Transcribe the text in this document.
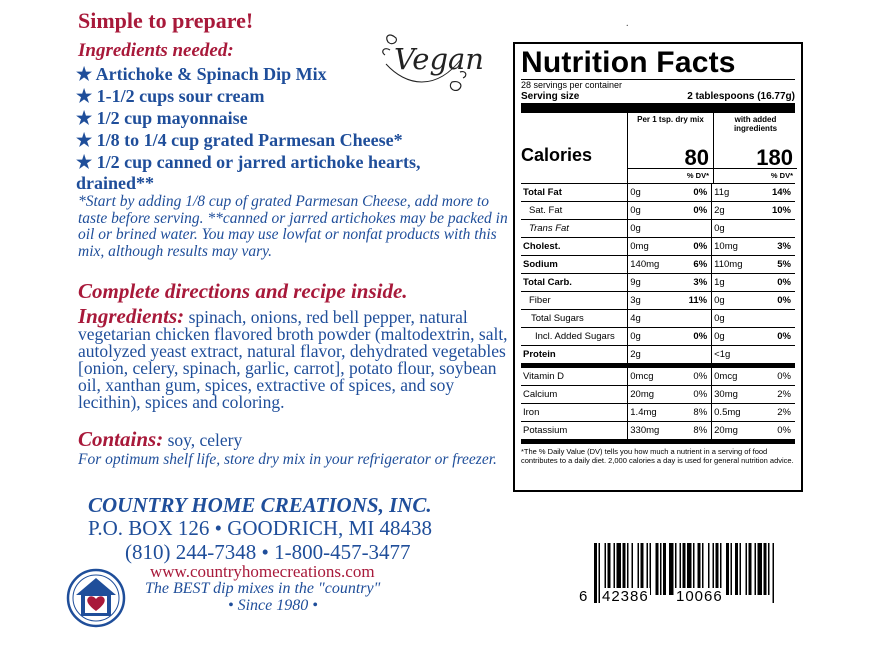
Simple to prepare!
Ingredients needed:
★ Artichoke & Spinach Dip Mix
★ 1-1/2 cups sour cream
★ 1/2 cup mayonnaise
★ 1/8 to 1/4 cup grated Parmesan Cheese*
★ 1/2 cup canned or jarred artichoke hearts, drained**
*Start by adding 1/8 cup of grated Parmesan Cheese, add more to taste before serving. **canned or jarred artichokes may be packed in oil or brined water. You may use lowfat or nonfat products with this mix, although results may vary.
Complete directions and recipe inside.
Ingredients: spinach, onions, red bell pepper, natural vegetarian chicken flavored broth powder (maltodextrin, salt, autolyzed yeast extract, natural flavor, dehydrated vegetables [onion, celery, spinach, garlic, carrot], potato flour, soybean oil, xanthan gum, spices, extractive of spices, and soy lecithin), spices and coloring.
Contains: soy, celery
For optimum shelf life, store dry mix in your refrigerator or freezer.
COUNTRY HOME CREATIONS, INC.
P.O. BOX 126 • GOODRICH, MI 48438
(810) 244-7348 • 1-800-457-3477
www.countryhomecreations.com
The BEST dip mixes in the "country"
• Since 1980 •
Vegan Nutrition Facts
28 servings per container
Serving size	2 tablespoons (16.77g)
Calories
Per 1 tsp. dry mix
80
% DV*
with added ingredients
180
% DV*
Total Fat	0g	0%	11g	14%
Sat. Fat	0g	0%	2g	10%
Trans Fat	0g		0g	
Cholest.	0mg	0%	10mg	3%
Sodium	140mg	6%	110mg	5%
Total Carb.	9g	3%	1g	0%
Fiber	3g	11%	0g	0%
Total Sugars	4g		0g	
Incl. Added Sugars	0g	0%	0g	0%
Protein	2g		<1g	
Vitamin D	0mcg	0%	0mcg	0%
Calcium	20mg	0%	30mg	2%
Iron	1.4mg	8%	0.5mg	2%
Potassium	330mg	8%	20mg	0%
*The % Daily Value (DV) tells you how much a nutrient in a serving of food contributes to a daily diet. 2,000 calories a day is used for general nutrition advice.
6 42386 10066
.
